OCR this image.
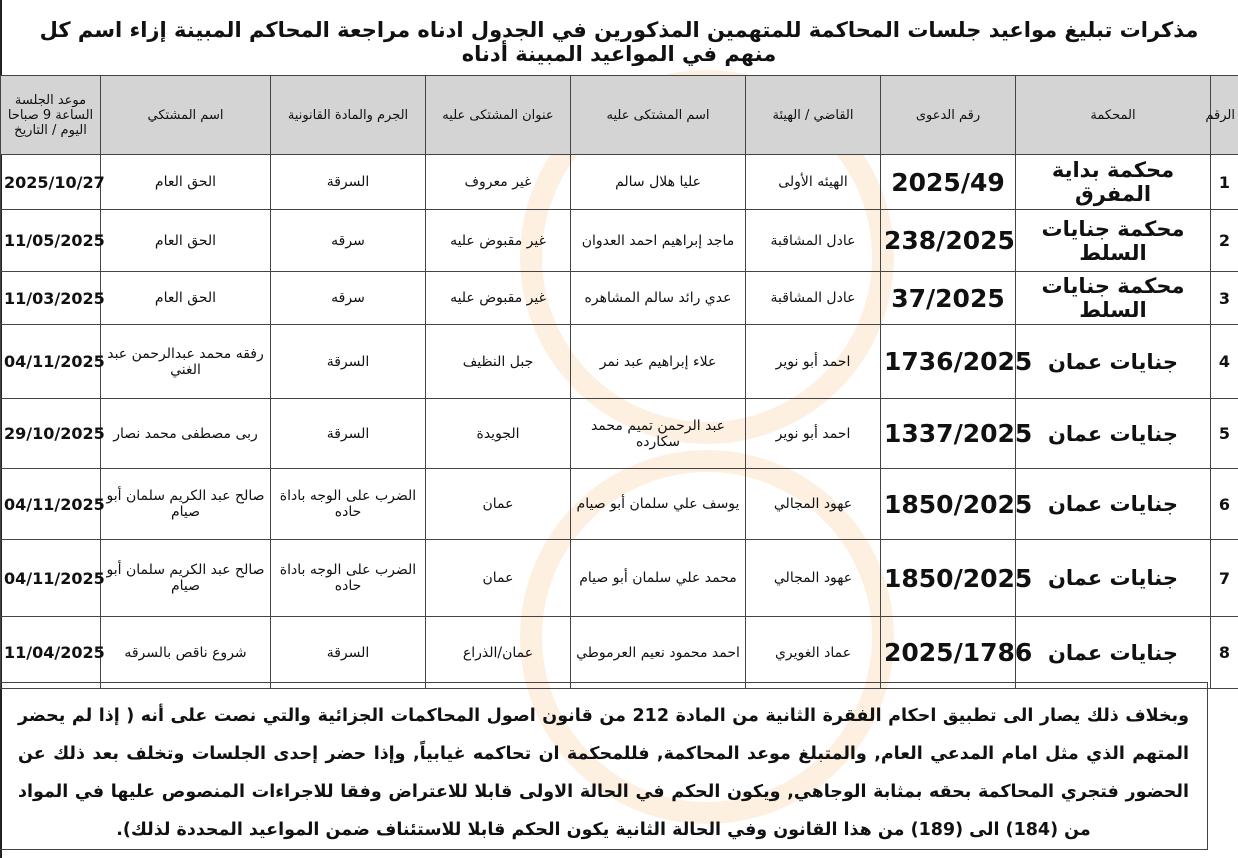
مذكرات تبليغ مواعيد جلسات المحاكمة للمتهمين المذكورين في الجدول ادناه مراجعة المحاكم المبينة إزاء اسم كل منهم في المواعيد المبينة أدناه
الرقم	المحكمة	رقم الدعوى	القاضي / الهيئة	اسم المشتكى عليه	عنوان المشتكى عليه	الجرم والمادة القانونية	اسم المشتكي	موعد الجلسة الساعة 9 صباحا اليوم / التاريخ
1	محكمة بداية المفرق	2025/49	الهيئه الأولى	عليا هلال سالم	غير معروف	السرقة	الحق العام	2025/10/27
2	محكمة جنايات السلط	238/2025	عادل المشاقبة	ماجد إبراهيم احمد العدوان	غير مقبوض عليه	سرقه	الحق العام	11/05/2025
3	محكمة جنايات السلط	37/2025	عادل المشاقبة	عدي رائد سالم المشاهره	غير مقبوض عليه	سرقه	الحق العام	11/03/2025
4	جنايات عمان	1736/2025	احمد أبو نوير	علاء إبراهيم عبد نمر	جبل النظيف	السرقة	رفقه محمد عبدالرحمن عبد الغني	04/11/2025
5	جنايات عمان	1337/2025	احمد أبو نوير	عبد الرحمن تميم محمد سكارده	الجويدة	السرقة	ربى مصطفى محمد نصار	29/10/2025
6	جنايات عمان	1850/2025	عهود المجالي	يوسف علي سلمان أبو صيام	عمان	الضرب على الوجه باداة حاده	صالح عبد الكريم سلمان أبو صيام	04/11/2025
7	جنايات عمان	1850/2025	عهود المجالي	محمد علي سلمان أبو صيام	عمان	الضرب على الوجه باداة حاده	صالح عبد الكريم سلمان أبو صيام	04/11/2025
8	جنايات عمان	2025/1786	عماد الغويري	احمد محمود نعيم العرموطي	عمان/الذراع	السرقة	شروع ناقص بالسرقه	11/04/2025
وبخلاف ذلك يصار الى تطبيق احكام الفقرة الثانية من المادة 212 من قانون اصول المحاكمات الجزائية والتي نصت على أنه ( إذا لم يحضر المتهم الذي مثل امام المدعي العام, والمتبلغ موعد المحاكمة, فللمحكمة ان تحاكمه غيابياً, وإذا حضر إحدى الجلسات وتخلف بعد ذلك عن الحضور فتجري المحاكمة بحقه بمثابة الوجاهي, ويكون الحكم في الحالة الاولى قابلا للاعتراض وفقا للاجراءات المنصوص عليها في المواد من (184) الى (189) من هذا القانون وفي الحالة الثانية يكون الحكم قابلا للاستئناف ضمن المواعيد المحددة لذلك).
